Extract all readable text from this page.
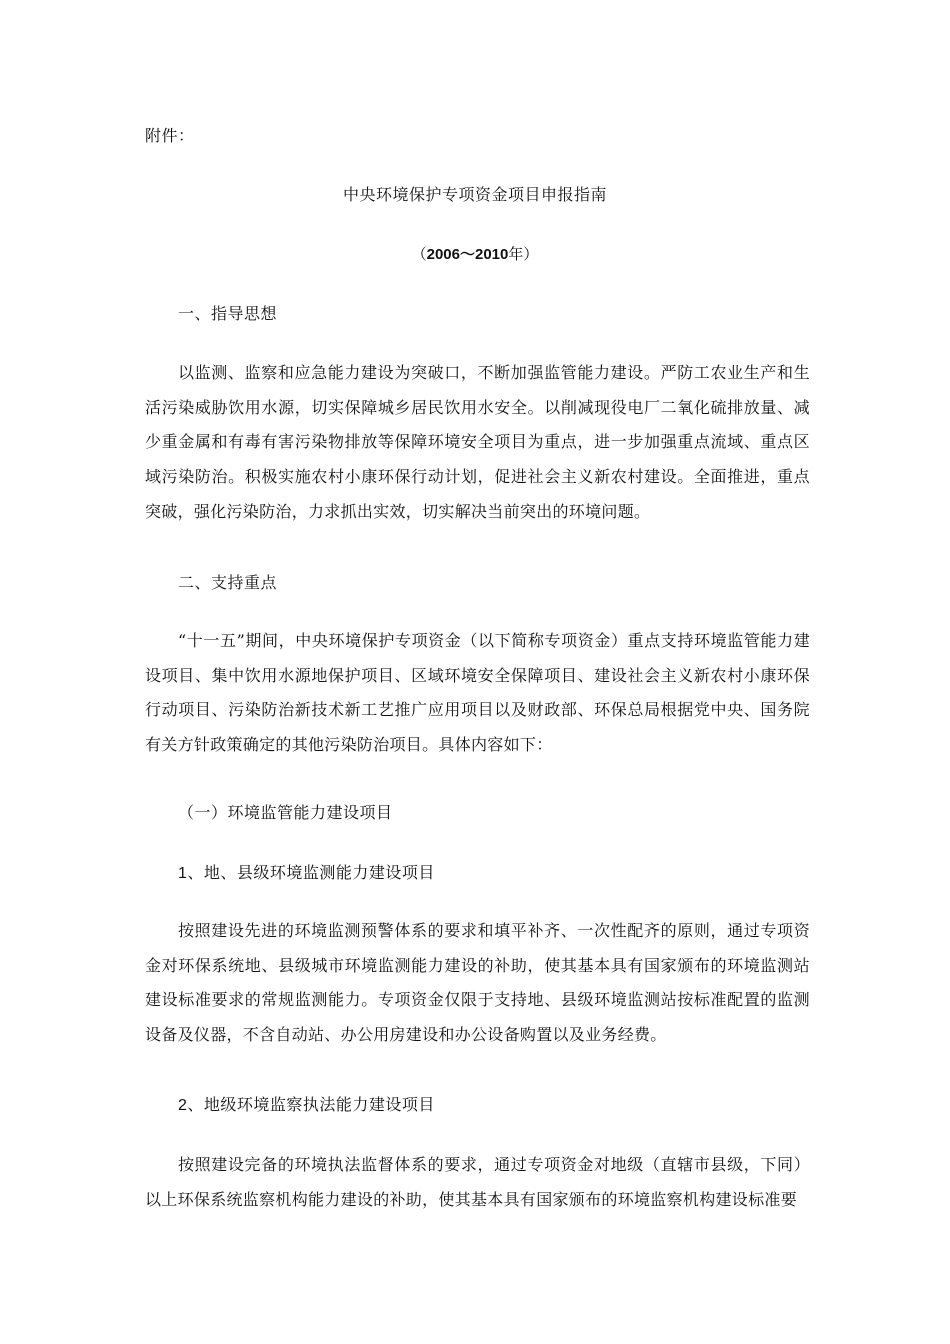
附件：
中央环境保护专项资金项目申报指南
（2006～2010年）
一、指导思想
以监测、监察和应急能力建设为突破口，不断加强监管能力建设。严防工农业生产和生活污染威胁饮用水源，切实保障城乡居民饮用水安全。以削减现役电厂二氧化硫排放量、减少重金属和有毒有害污染物排放等保障环境安全项目为重点，进一步加强重点流域、重点区域污染防治。积极实施农村小康环保行动计划，促进社会主义新农村建设。全面推进，重点突破，强化污染防治，力求抓出实效，切实解决当前突出的环境问题。
二、支持重点
“十一五”期间，中央环境保护专项资金（以下简称专项资金）重点支持环境监管能力建设项目、集中饮用水源地保护项目、区域环境安全保障项目、建设社会主义新农村小康环保行动项目、污染防治新技术新工艺推广应用项目以及财政部、环保总局根据党中央、国务院有关方针政策确定的其他污染防治项目。具体内容如下：
（一）环境监管能力建设项目
1、地、县级环境监测能力建设项目
按照建设先进的环境监测预警体系的要求和填平补齐、一次性配齐的原则，通过专项资金对环保系统地、县级城市环境监测能力建设的补助，使其基本具有国家颁布的环境监测站建设标准要求的常规监测能力。专项资金仅限于支持地、县级环境监测站按标准配置的监测设备及仪器，不含自动站、办公用房建设和办公设备购置以及业务经费。
2、地级环境监察执法能力建设项目
按照建设完备的环境执法监督体系的要求，通过专项资金对地级（直辖市县级，下同）以上环保系统监察机构能力建设的补助，使其基本具有国家颁布的环境监察机构建设标准要
